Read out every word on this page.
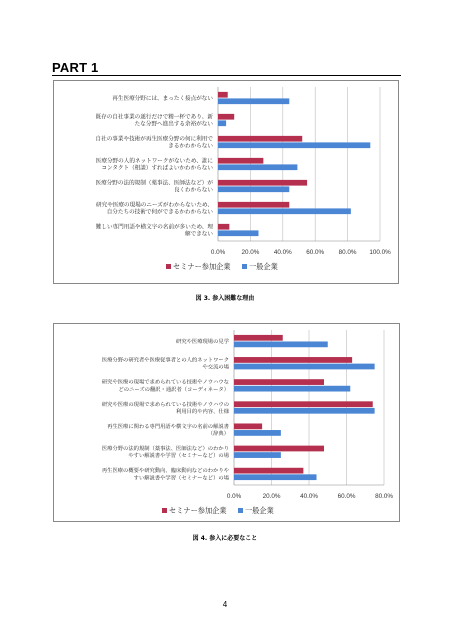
PART 1
0.0%	20.0% 40.0% 60.0% 80.0% 100.0%
再生医療分野には、まったく接点がない
既存の自社事業の遂行だけで精一杯であり、新
たな分野へ進出する余裕がない
自社の事業や技術が再生医療分野の何に利用で
きるかわからない
医療分野の人的ネットワークがないため、誰に
コンタクト（相談）すればよいかわからない
医療分野の法的規制（薬事法、医師法など）が
良くわからない
研究や医療の現場のニーズがわからないため、
自分たちの技術で何ができるかわからない
難しい専門用語や横文字の名前が多いため、理
解できない
セミナー参加企業	一般企業
図 3. 参入困難な理由
0.0%	20.0%	40.0%	60.0%	80.0%
研究や医療現場の見学
医療分野の研究者や医療従事者との人的ネットワーク
や交流の場
研究や医療の現場で求められている技術やノウハウな
どのニーズの翻訳・通訳者（コーディネータ）
研究や医療の現場で求められている技術やノウハウの
利用目的や内容、仕様
再生医療に関わる専門用語や横文字の名前の解説書
（辞典）
医療分野の法的規制（薬事法、医師法など）のわかり
やすい解説書や学習（セミナーなど）の場
再生医療の概要や研究動向、臨床動向などのわかりや
すい解説書や学習（セミナーなど）の場
セミナー参加企業	一般企業
図 4. 参入に必要なこと
4
